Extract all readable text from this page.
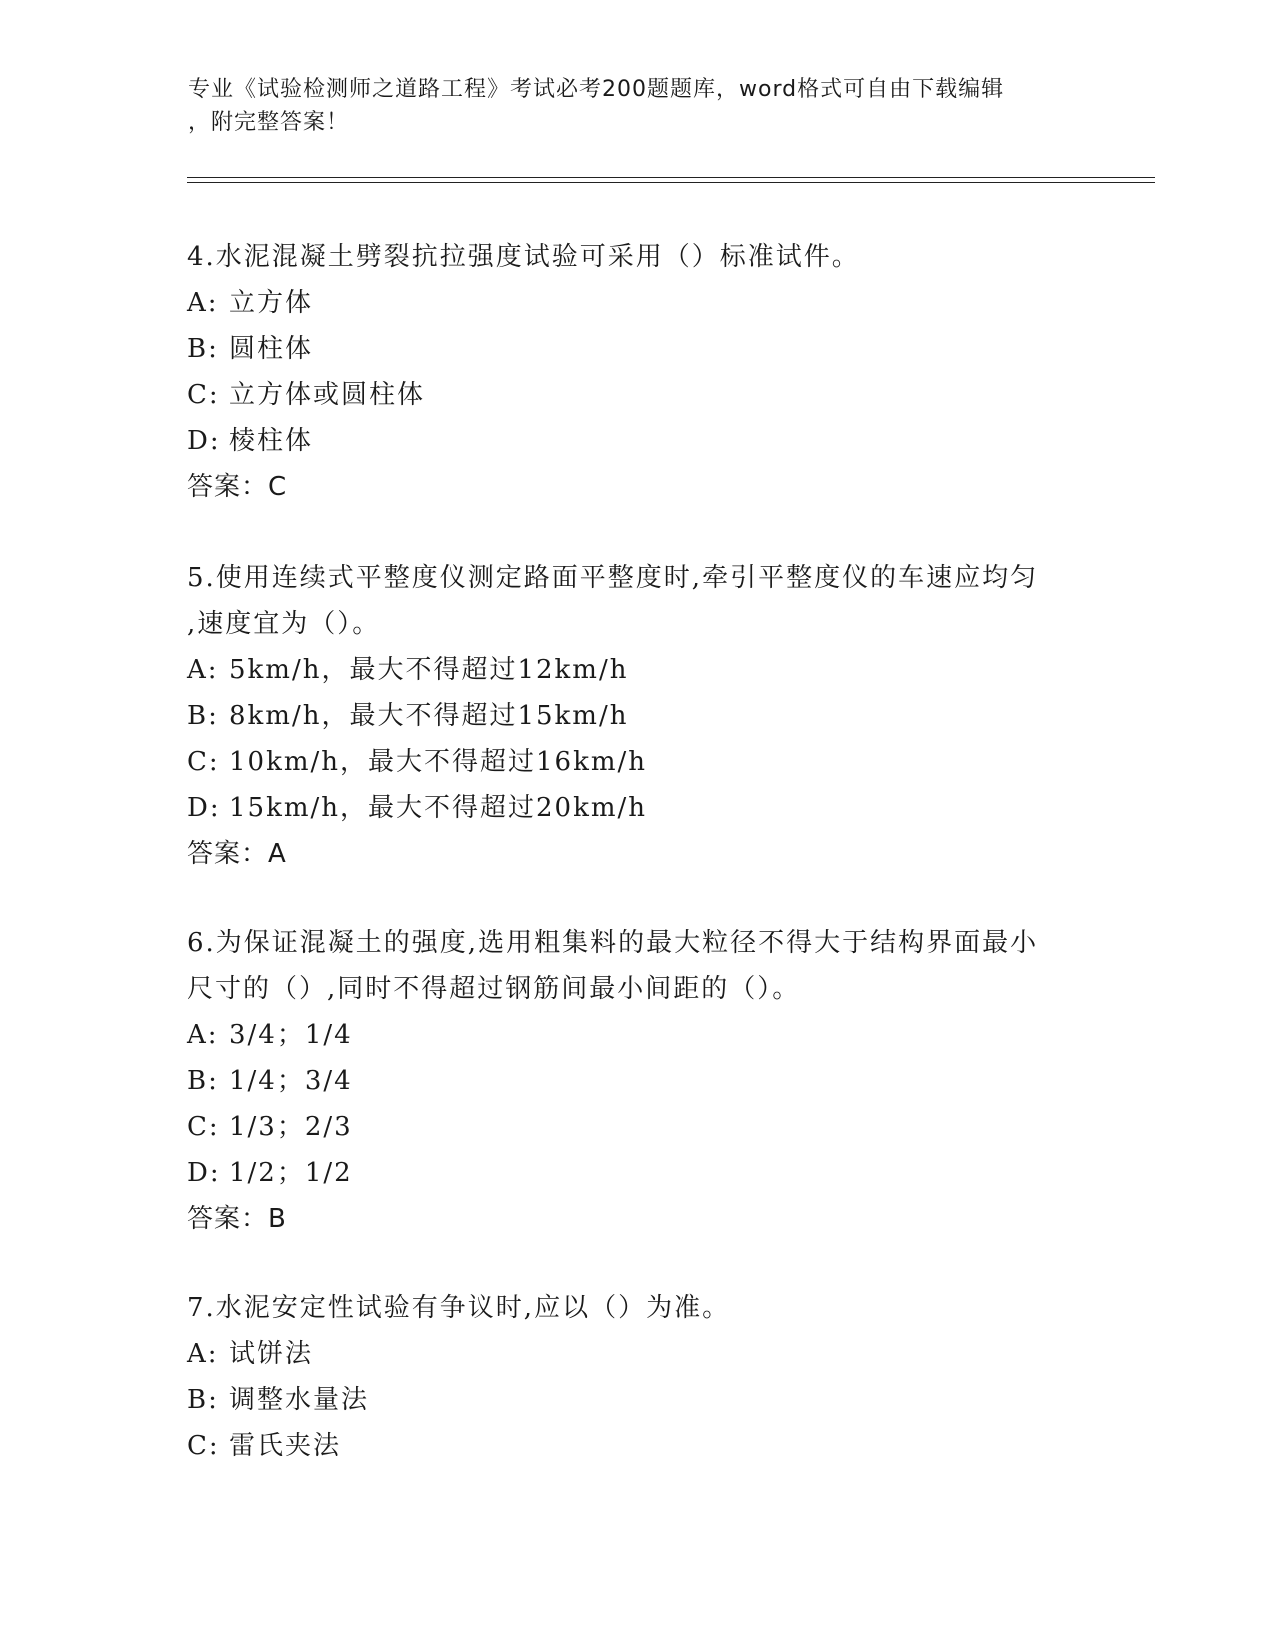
专业《试验检测师之道路工程》考试必考200题题库，word格式可自由下载编辑
，附完整答案！

4.水泥混凝土劈裂抗拉强度试验可采用（）标准试件。

A: 立方体

B: 圆柱体

C: 立方体或圆柱体

D: 棱柱体

答案：C

5.使用连续式平整度仪测定路面平整度时,牵引平整度仪的车速应均匀

,速度宜为（）。

A: 5km/h，最大不得超过12km/h

B: 8km/h，最大不得超过15km/h

C: 10km/h，最大不得超过16km/h

D: 15km/h，最大不得超过20km/h

答案：A

6.为保证混凝土的强度,选用粗集料的最大粒径不得大于结构界面最小

尺寸的（）,同时不得超过钢筋间最小间距的（）。

A: 3/4；1/4

B: 1/4；3/4

C: 1/3；2/3

D: 1/2；1/2

答案：B

7.水泥安定性试验有争议时,应以（）为准。

A: 试饼法

B: 调整水量法

C: 雷氏夹法
